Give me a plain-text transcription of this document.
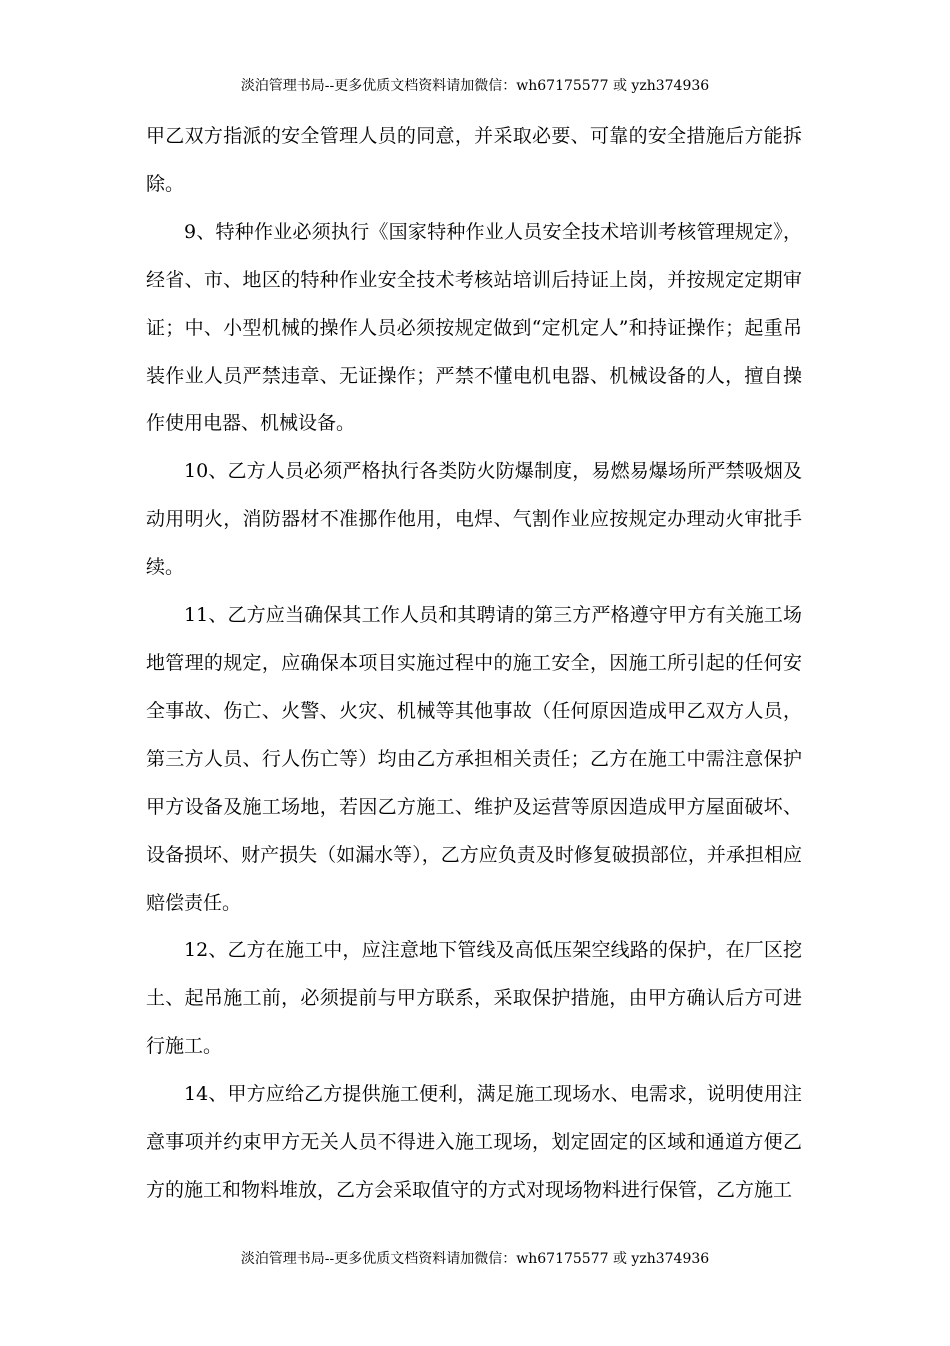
淡泊管理书局--更多优质文档资料请加微信：wh67175577 或 yzh374936

甲乙双方指派的安全管理人员的同意，并采取必要、可靠的安全措施后方能拆除。

9、特种作业必须执行《国家特种作业人员安全技术培训考核管理规定》，经省、市、地区的特种作业安全技术考核站培训后持证上岗，并按规定定期审证；中、小型机械的操作人员必须按规定做到“定机定人”和持证操作；起重吊装作业人员严禁违章、无证操作；严禁不懂电机电器、机械设备的人，擅自操作使用电器、机械设备。

10、乙方人员必须严格执行各类防火防爆制度，易燃易爆场所严禁吸烟及动用明火，消防器材不准挪作他用，电焊、气割作业应按规定办理动火审批手续。

11、乙方应当确保其工作人员和其聘请的第三方严格遵守甲方有关施工场地管理的规定，应确保本项目实施过程中的施工安全，因施工所引起的任何安全事故、伤亡、火警、火灾、机械等其他事故（任何原因造成甲乙双方人员，第三方人员、行人伤亡等）均由乙方承担相关责任；乙方在施工中需注意保护甲方设备及施工场地，若因乙方施工、维护及运营等原因造成甲方屋面破坏、设备损坏、财产损失（如漏水等），乙方应负责及时修复破损部位，并承担相应赔偿责任。

12、乙方在施工中，应注意地下管线及高低压架空线路的保护，在厂区挖土、起吊施工前，必须提前与甲方联系，采取保护措施，由甲方确认后方可进行施工。

14、甲方应给乙方提供施工便利，满足施工现场水、电需求，说明使用注意事项并约束甲方无关人员不得进入施工现场，划定固定的区域和通道方便乙方的施工和物料堆放，乙方会采取值守的方式对现场物料进行保管，乙方施工

淡泊管理书局--更多优质文档资料请加微信：wh67175577 或 yzh374936
